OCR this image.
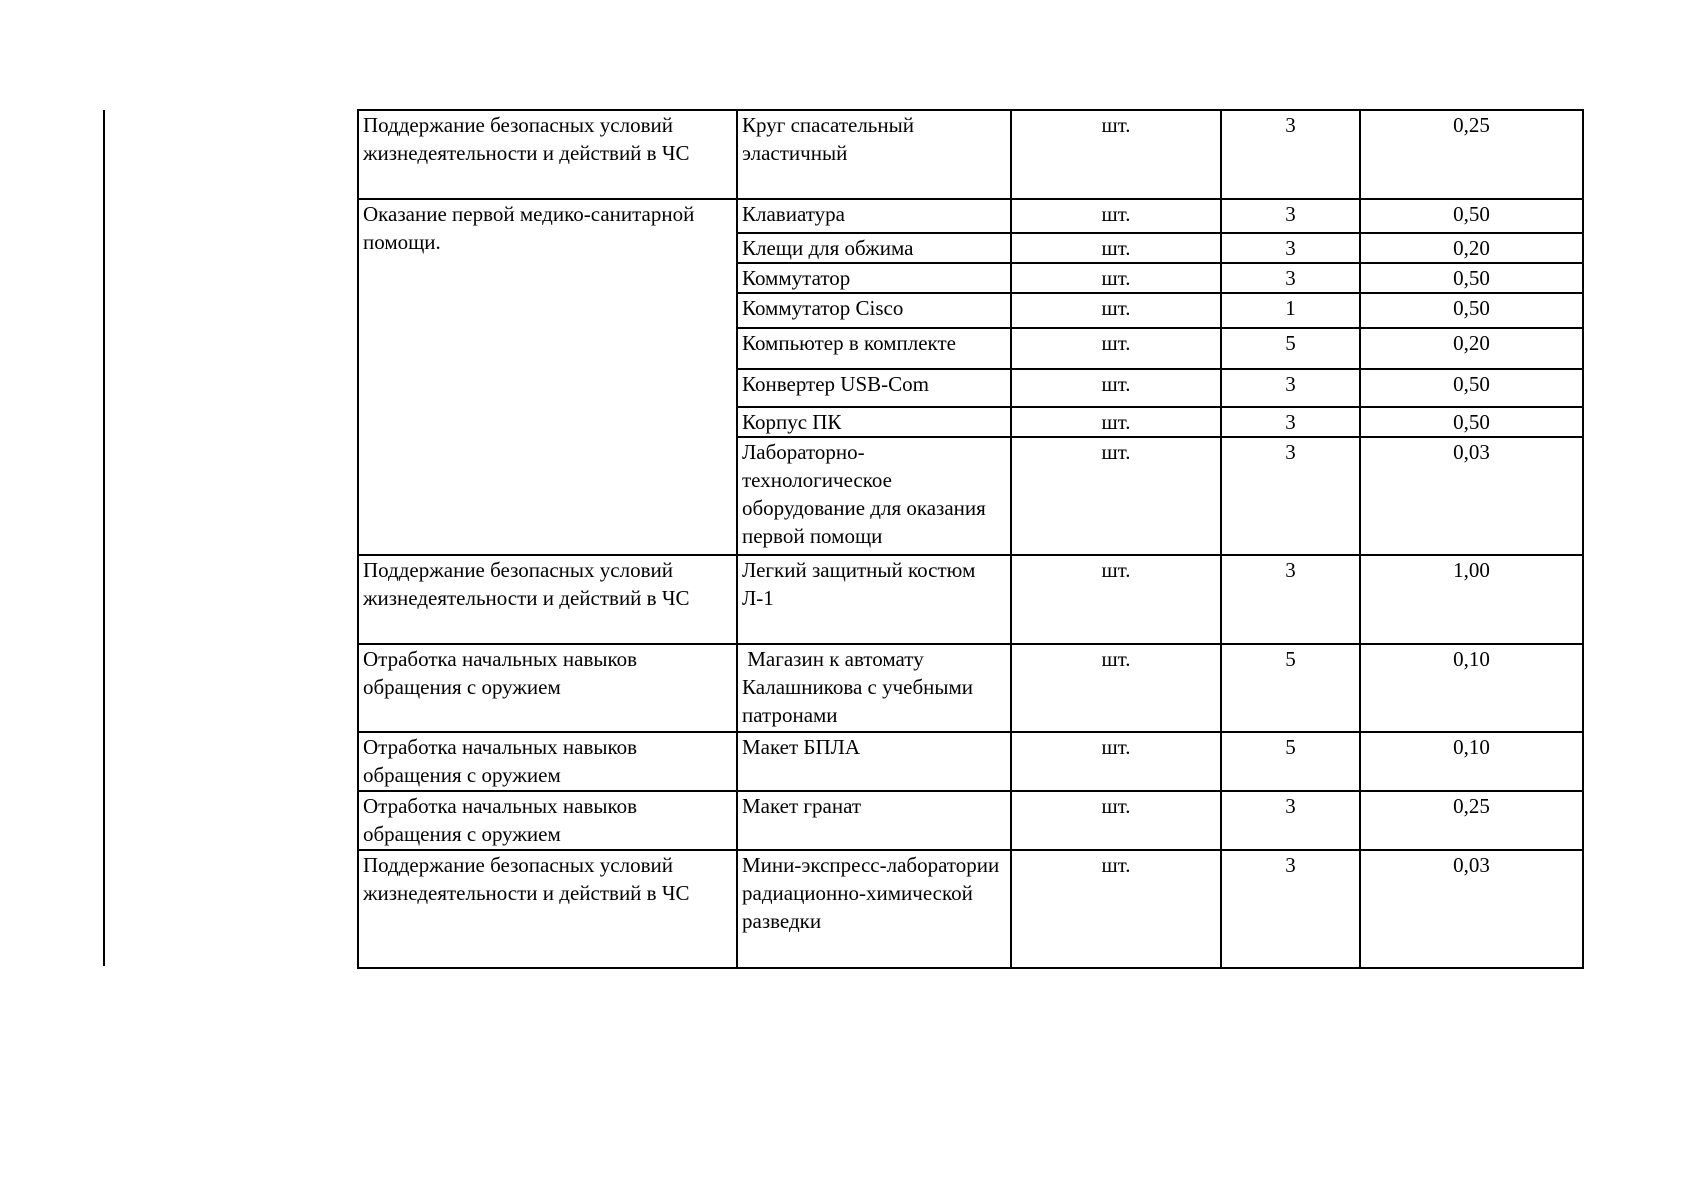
Поддержание безопасных условий жизнедеятельности и действий в ЧС	Круг спасательный эластичный	шт.	3	0,25
Оказание первой медико-санитарной помощи.	Клавиатура	шт.	3	0,50
	Клещи для обжима	шт.	3	0,20
	Коммутатор	шт.	3	0,50
	Коммутатор Cisco	шт.	1	0,50
	Компьютер в комплекте	шт.	5	0,20
	Конвертер USB-Com	шт.	3	0,50
	Корпус ПК	шт.	3	0,50
	Лабораторно-технологическое оборудование для оказания первой помощи	шт.	3	0,03
Поддержание безопасных условий жизнедеятельности и действий в ЧС	Легкий защитный костюм Л-1	шт.	3	1,00
Отработка начальных навыков обращения с оружием	Магазин к автомату Калашникова с учебными патронами	шт.	5	0,10
Отработка начальных навыков обращения с оружием	Макет БПЛА	шт.	5	0,10
Отработка начальных навыков обращения с оружием	Макет гранат	шт.	3	0,25
Поддержание безопасных условий жизнедеятельности и действий в ЧС	Мини-экспресс-лаборатории радиационно-химической разведки	шт.	3	0,03
